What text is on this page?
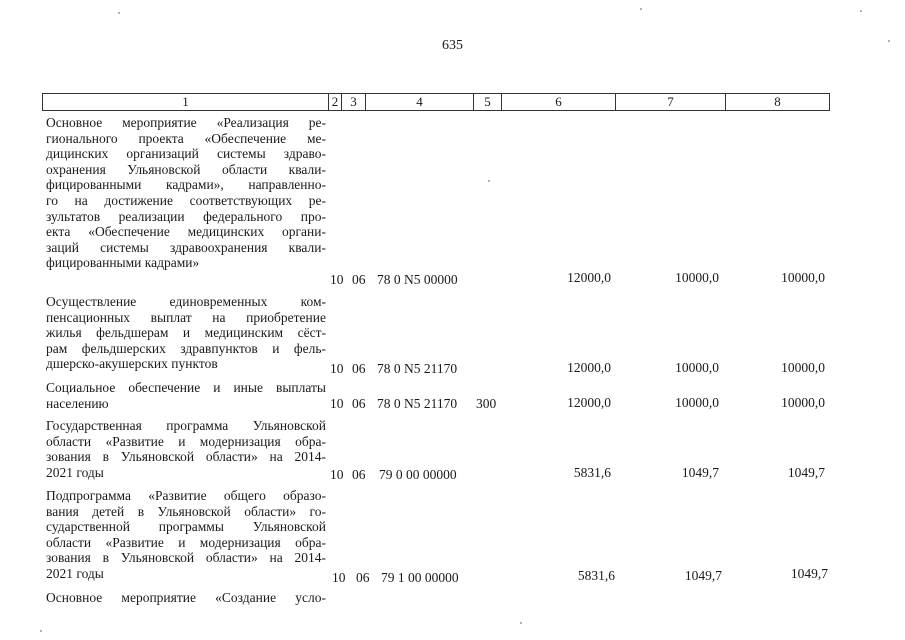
635
1	2 3	4	5	6	7	8
Основное мероприятие «Реализация ре-
гионального проекта «Обеспечение ме-
дицинских организаций системы здраво-
охранения Ульяновской области квали-
фицированными кадрами», направленно-
го на достижение соответствующих ре-
зультатов реализации федерального про-
екта «Обеспечение медицинских органи-
заций системы здравоохранения квали-
фицированными кадрами»
10 06 78 0 N5 00000	12000,0	10000,0	10000,0
Осуществление единовременных ком-
пенсационных выплат на приобретение
жилья фельдшерам и медицинским сёст-
рам фельдшерских здравпунктов и фель-
дшерско-акушерских пунктов	10 06 78 0 N5 21170	12000,0	10000,0	10000,0
Социальное обеспечение и иные выплаты
населению	10 06 78 0 N5 21170 300	12000,0	10000,0	10000,0
Государственная программа Ульяновской
области «Развитие и модернизация обра-
зования в Ульяновской области» на 2014-
2021 годы	10 06 79 0 00 00000	5831,6	1049,7	1049,7
Подпрограмма «Развитие общего образо-
вания детей в Ульяновской области» го-
сударственной программы Ульяновской
области «Развитие и модернизация обра-
зования в Ульяновской области» на 2014-
2021 годы	10 06 79 1 00 00000	5831,6	1049,7	1049,7
Основное мероприятие «Создание усло-
